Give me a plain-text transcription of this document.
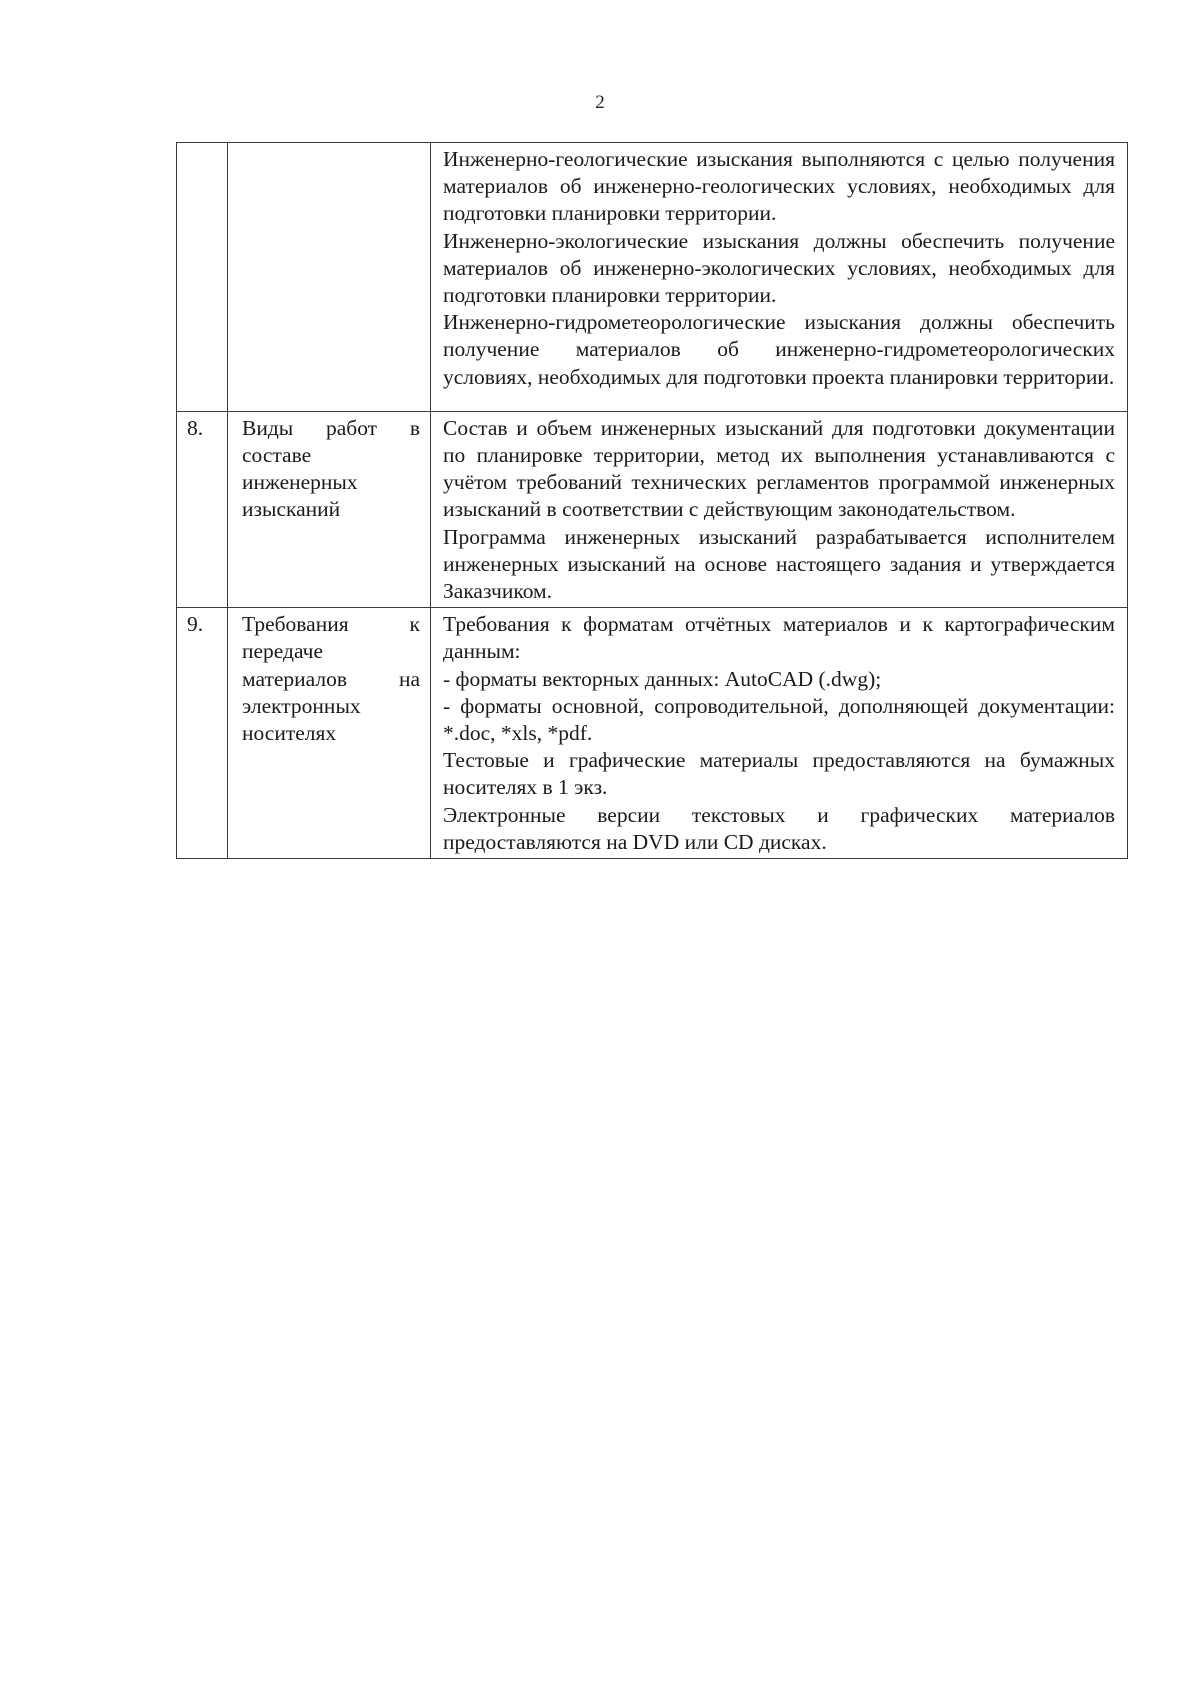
2

		Инженерно-геологические изыскания выполняются с целью получения материалов об инженерно-геологических условиях, необходимых для подготовки планировки территории.

Инженерно-экологические изыскания должны обеспечить получение материалов об инженерно-экологических условиях, необходимых для подготовки планировки территории.

Инженерно-гидрометеорологические изыскания должны обеспечить получение материалов об инженерно-гидрометеорологических условиях, необходимых для подготовки проекта планировки территории.

8.	Виды работ в составе инженерных изысканий	Состав и объем инженерных изысканий для подготовки документации по планировке территории, метод их выполнения устанавливаются с учётом требований технических регламентов программой инженерных изысканий в соответствии с действующим законодательством.

Программа инженерных изысканий разрабатывается исполнителем инженерных изысканий на основе настоящего задания и утверждается Заказчиком.

9.	Требования к передаче материалов на электронных носителях	Требования к форматам отчётных материалов и к картографическим данным:

- форматы векторных данных: AutoCAD (.dwg);

- форматы основной, сопроводительной, дополняющей документации: *.doc, *xls, *pdf.

Тестовые и графические материалы предоставляются на бумажных носителях в 1 экз.

Электронные версии текстовых и графических материалов предоставляются на DVD или CD дисках.
